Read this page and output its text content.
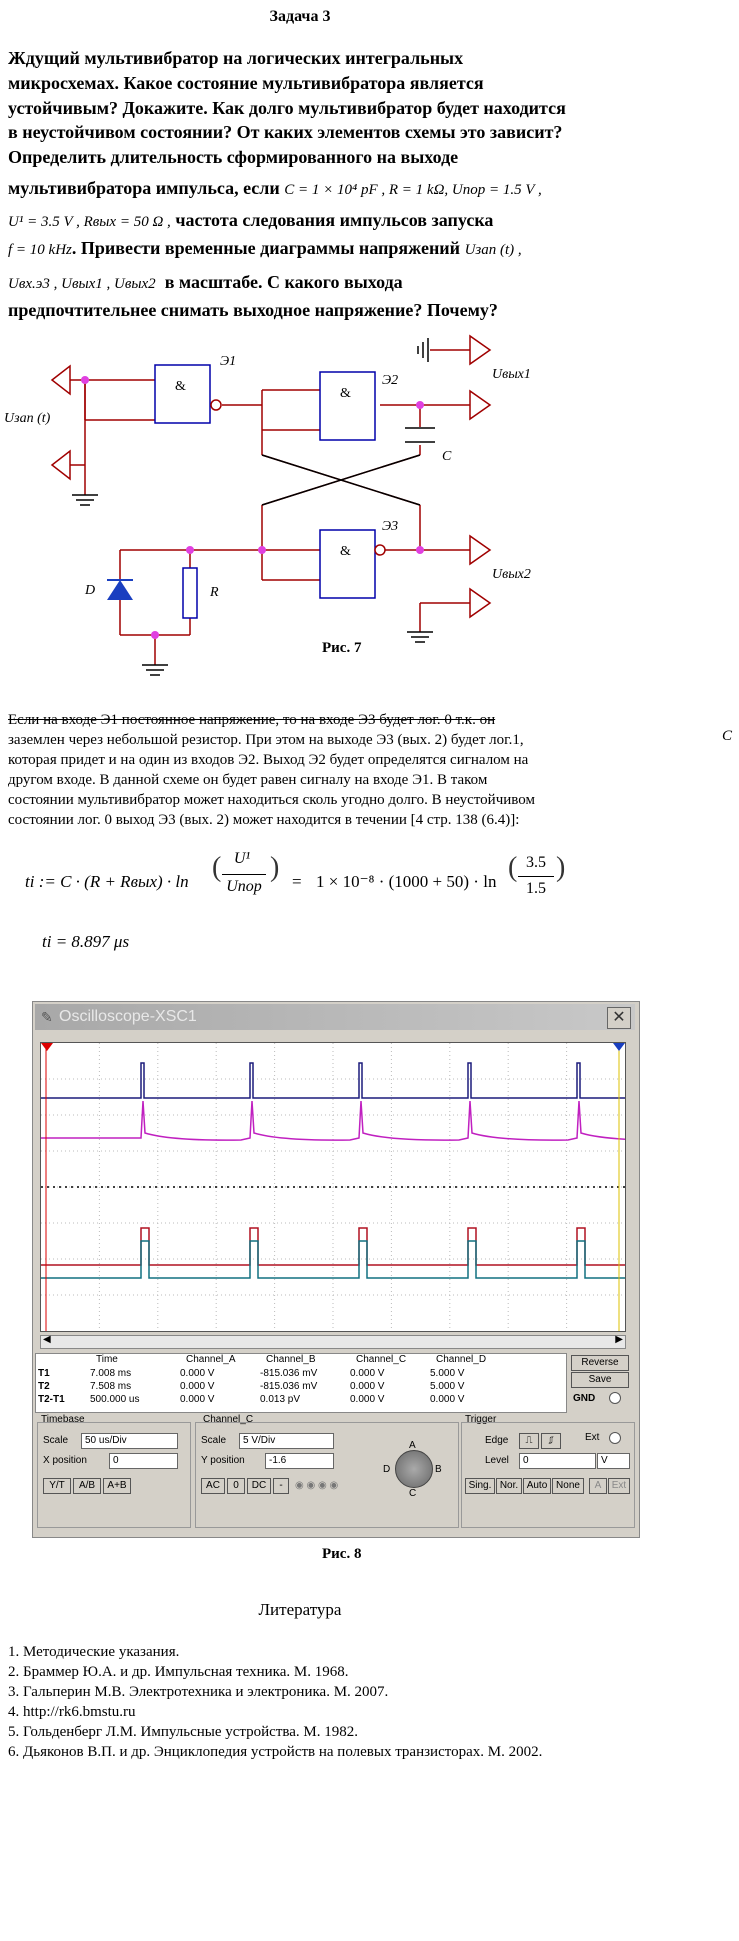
Задача 3
Ждущий мультивибратор на логических интегральных
микросхемах. Какое состояние мультивибратора является
устойчивым? Докажите. Как долго мультивибратор будет находится
в неустойчивом состоянии? От каких элементов схемы это зависит?
Определить длительность сформированного на выходе
мультивибратора импульса, если C = 1 × 10⁴ pF , R = 1 kΩ, Uпор = 1.5 V ,
U¹ = 3.5 V , Rвых = 50 Ω , частота следования импульсов запуска
f = 10 kHz. Привести временные диаграммы напряжений Uзап (t) ,
Uвх.э3 , Uвых1 , Uвых2 в масштабе. С какого выхода
предпочтительнее снимать выходное напряжение? Почему?
&	&
&
Э1
Э2
Э3
Uвых1
Uвых2
Uзап (t)
C
D	R
Рис. 7
Если на входе Э1 постоянное напряжение, то на входе Э3 будет лог. 0 т.к. он
заземлен через небольшой резистор. При этом на выходе Э3 (вых. 2) будет лог.1,
которая придет и на один из входов Э2. Выход Э2 будет определятся сигналом на
другом входе. В данной схеме он будет равен сигналу на входе Э1. В таком
состоянии мультивибратор может находиться сколь угодно долго. В неустойчивом
состоянии лог. 0 выход Э3 (вых. 2) может находится в течении [4 стр. 138 (6.4)]:
C
ti := C · (R + Rвых) · ln ( U¹
Uпор
) = 1 × 10⁻⁸ · (1000 + 50) · ln ( 3.5
1.5
)
ti = 8.897 μs
✎ Oscilloscope-XSC1	✕
◀	▶
Time	Channel_A	Channel_B	Channel_C	Channel_D
T1	7.008 ms	0.000 V	-815.036 mV	0.000 V	5.000 V
T2	7.508 ms	0.000 V	-815.036 mV	0.000 V	5.000 V
T2-T1	500.000 us	0.000 V	0.013 pV	0.000 V	0.000 V
Reverse
Save
GND
Timebase
Scale	50 us/Div
X position	0
Y/T	A/B	A+B
Channel_C
Scale	5 V/Div
Y position	-1.6
AC	0	DC	-	◉ ◉ ◉ ◉
A
B
C
D
Trigger
Edge	⎍	⎎	Ext
Level	0	V
Sing. Nor. Auto None	A	Ext
Рис. 8
Литература
1. Методические указания.
2. Браммер Ю.А. и др. Импульсная техника. М. 1968.
3. Гальперин М.В. Электротехника и электроника. М. 2007.
4. http://rk6.bmstu.ru
5. Гольденберг Л.М. Импульсные устройства. М. 1982.
6. Дьяконов В.П. и др. Энциклопедия устройств на полевых транзисторах. М. 2002.
